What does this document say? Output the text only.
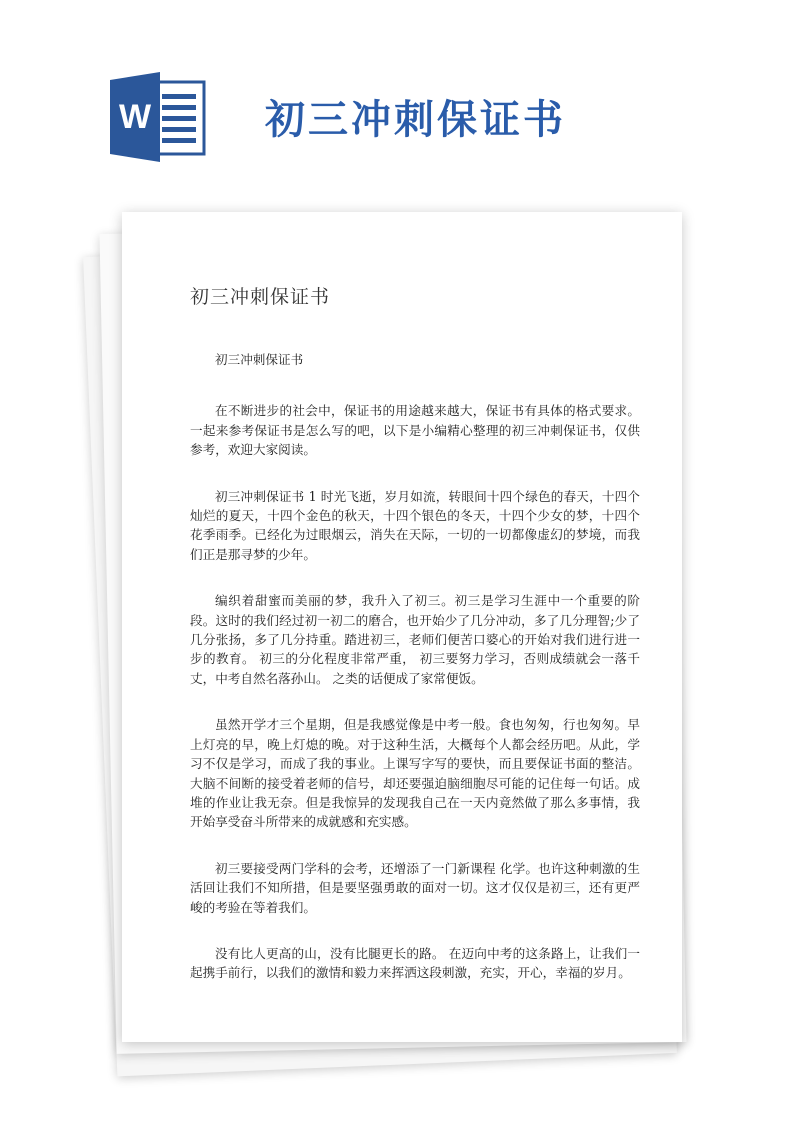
W	初三冲刺保证书
初三冲刺保证书

初三冲刺保证书

在不断进步的社会中，保证书的用途越来越大，保证书有具体的格式要求。一起来参考保证书是怎么写的吧，以下是小编精心整理的初三冲刺保证书，仅供参考，欢迎大家阅读。

初三冲刺保证书 1 时光飞逝，岁月如流，转眼间十四个绿色的春天，十四个灿烂的夏天，十四个金色的秋天，十四个银色的冬天，十四个少女的梦，十四个花季雨季。已经化为过眼烟云，消失在天际，一切的一切都像虚幻的梦境，而我们正是那寻梦的少年。

编织着甜蜜而美丽的梦，我升入了初三。初三是学习生涯中一个重要的阶段。这时的我们经过初一初二的磨合，也开始少了几分冲动，多了几分理智;少了几分张扬，多了几分持重。踏进初三，老师们便苦口婆心的开始对我们进行进一步的教育。 初三的分化程度非常严重， 初三要努力学习，否则成绩就会一落千丈，中考自然名落孙山。 之类的话便成了家常便饭。

虽然开学才三个星期，但是我感觉像是中考一般。食也匆匆，行也匆匆。早上灯亮的早，晚上灯熄的晚。对于这种生活，大概每个人都会经历吧。从此，学习不仅是学习，而成了我的事业。上课写字写的要快，而且要保证书面的整洁。大脑不间断的接受着老师的信号，却还要强迫脑细胞尽可能的记住每一句话。成堆的作业让我无奈。但是我惊异的发现我自己在一天内竟然做了那么多事情，我开始享受奋斗所带来的成就感和充实感。

初三要接受两门学科的会考，还增添了一门新课程 化学。也许这种刺激的生活回让我们不知所措，但是要坚强勇敢的面对一切。这才仅仅是初三，还有更严峻的考验在等着我们。

没有比人更高的山，没有比腿更长的路。 在迈向中考的这条路上，让我们一起携手前行，以我们的激情和毅力来挥洒这段刺激，充实，开心，幸福的岁月。
